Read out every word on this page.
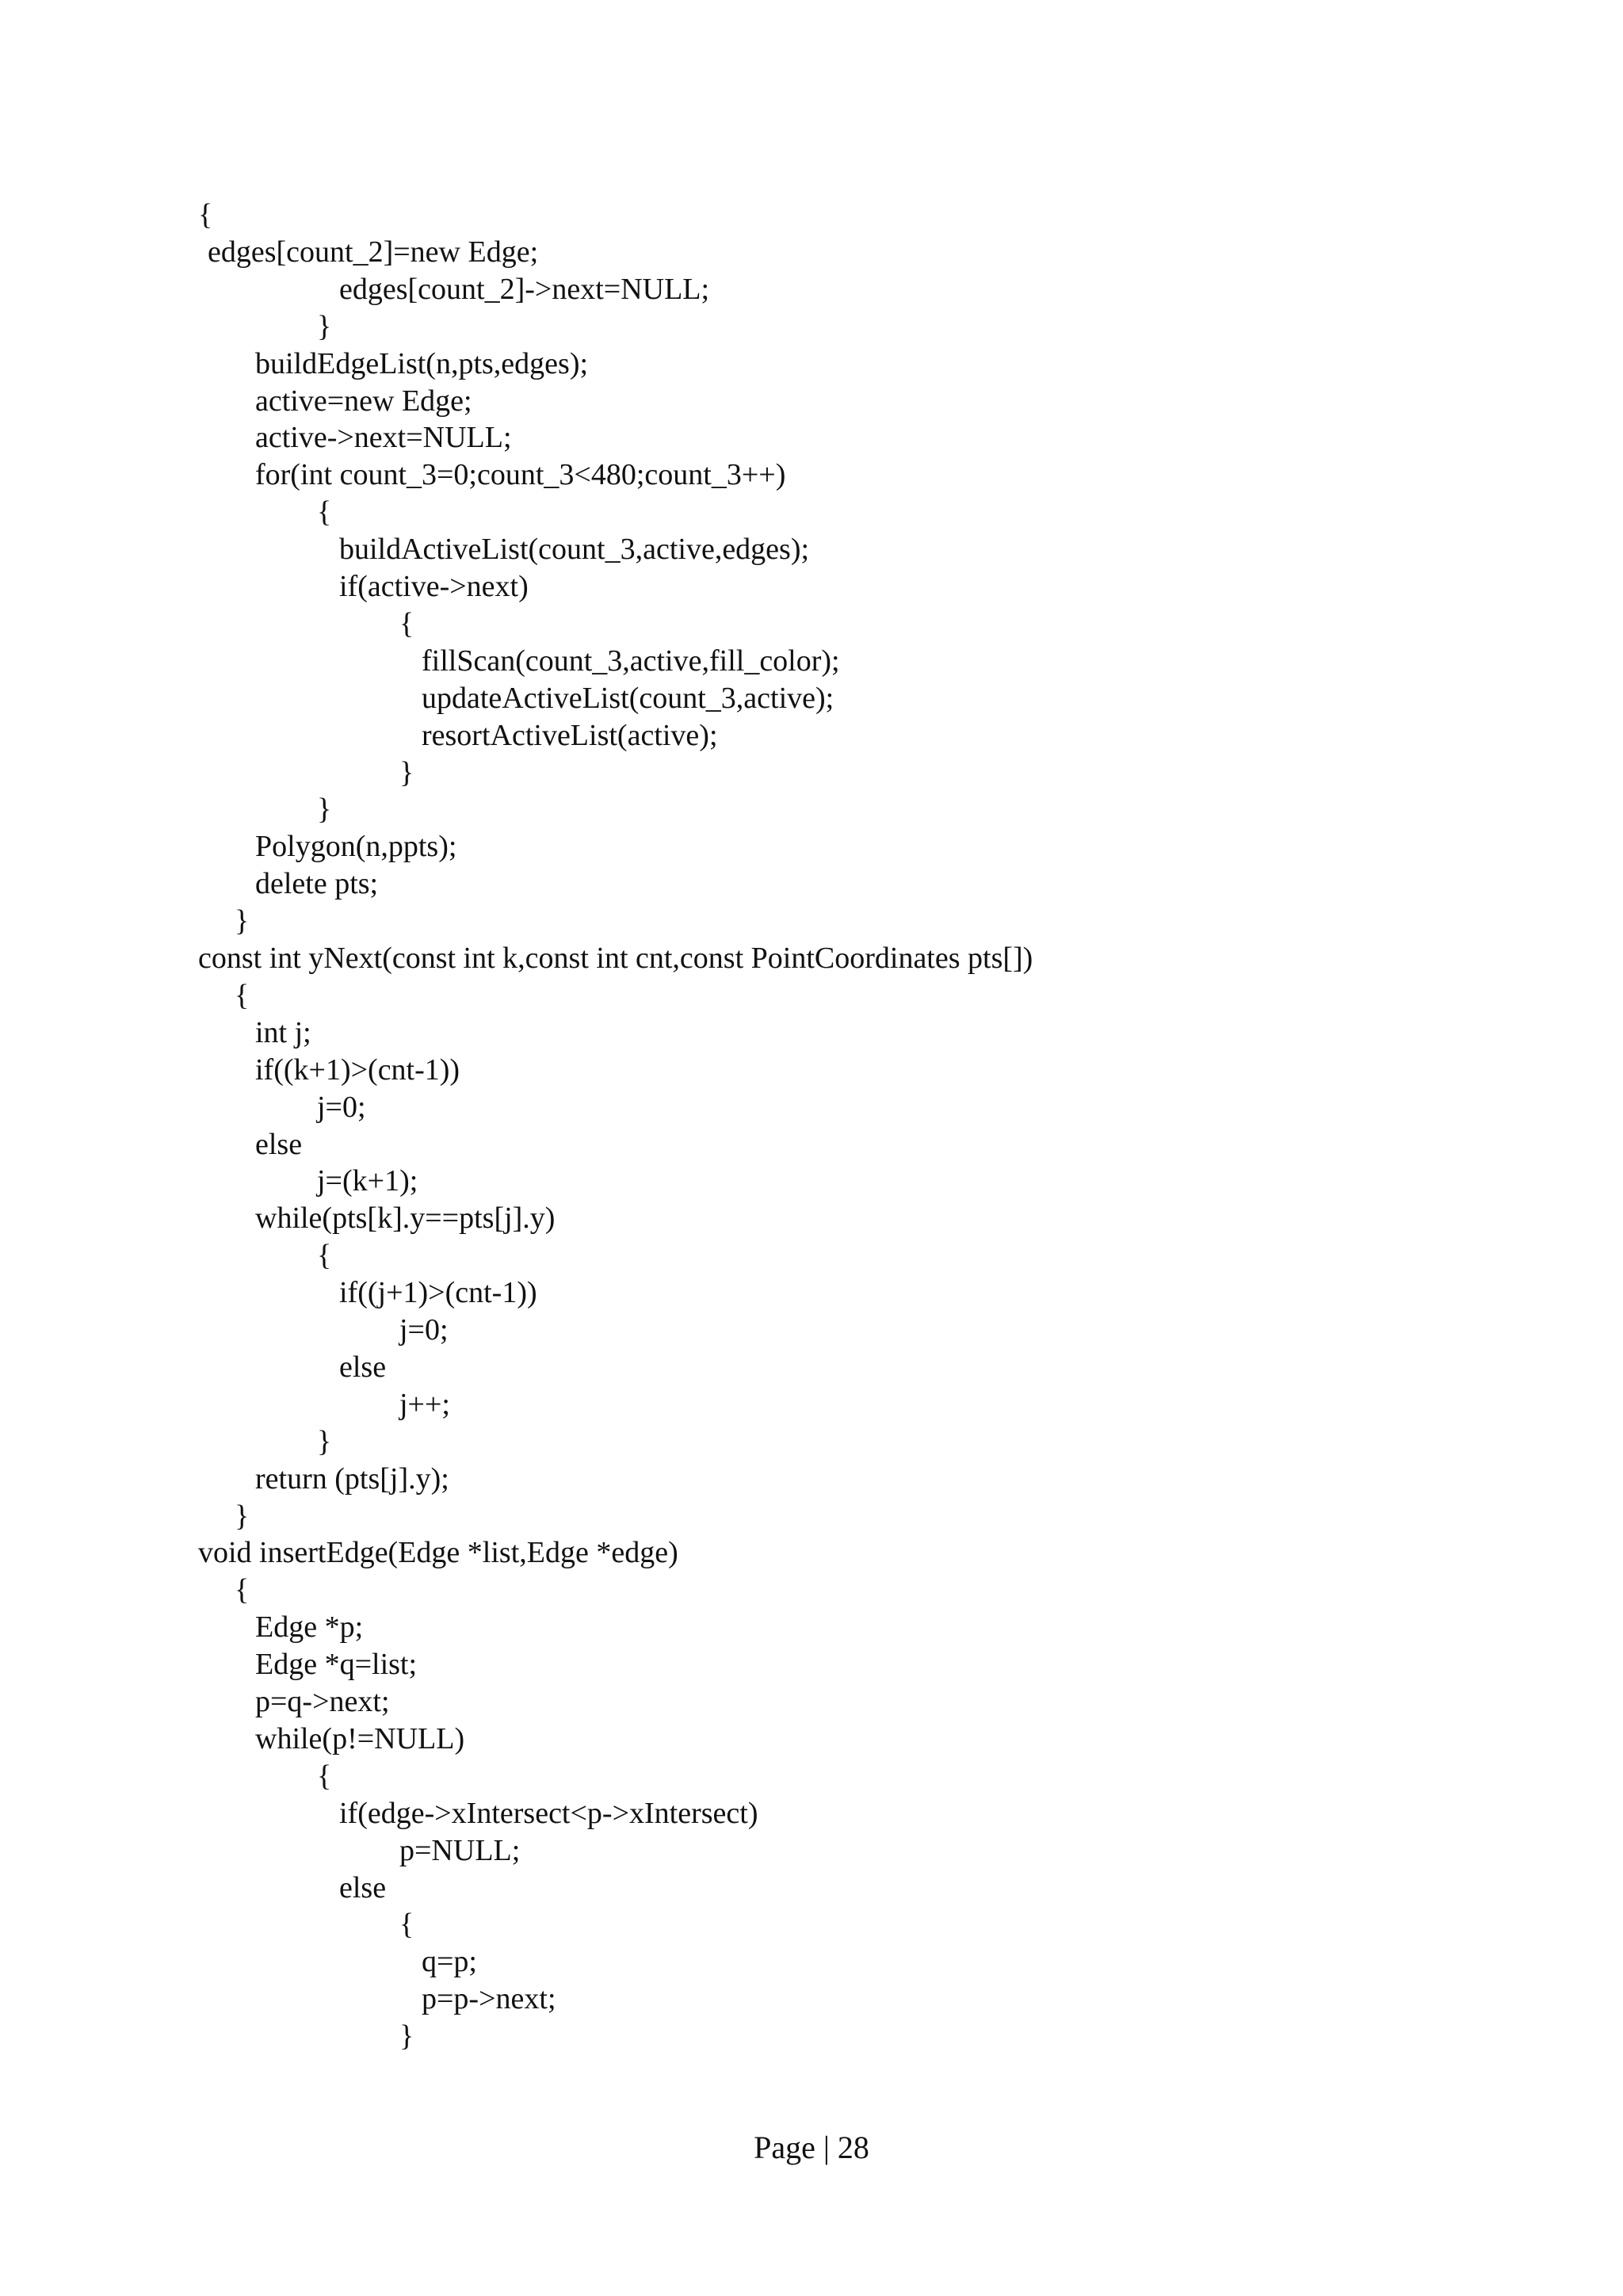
{
edges[count_2]=new Edge;
edges[count_2]->next=NULL;
}
buildEdgeList(n,pts,edges);
active=new Edge;
active->next=NULL;
for(int count_3=0;count_3<480;count_3++)
{
buildActiveList(count_3,active,edges);
if(active->next)
{
fillScan(count_3,active,fill_color);
updateActiveList(count_3,active);
resortActiveList(active);
}
}
Polygon(n,ppts);
delete pts;
}
const int yNext(const int k,const int cnt,const PointCoordinates pts[])
{
int j;
if((k+1)>(cnt-1))
j=0;
else
j=(k+1);
while(pts[k].y==pts[j].y)
{
if((j+1)>(cnt-1))
j=0;
else
j++;
}
return (pts[j].y);
}
void insertEdge(Edge *list,Edge *edge)
{
Edge *p;
Edge *q=list;
p=q->next;
while(p!=NULL)
{
if(edge->xIntersect<p->xIntersect)
p=NULL;
else
{
q=p;
p=p->next;
}
Page | 28
